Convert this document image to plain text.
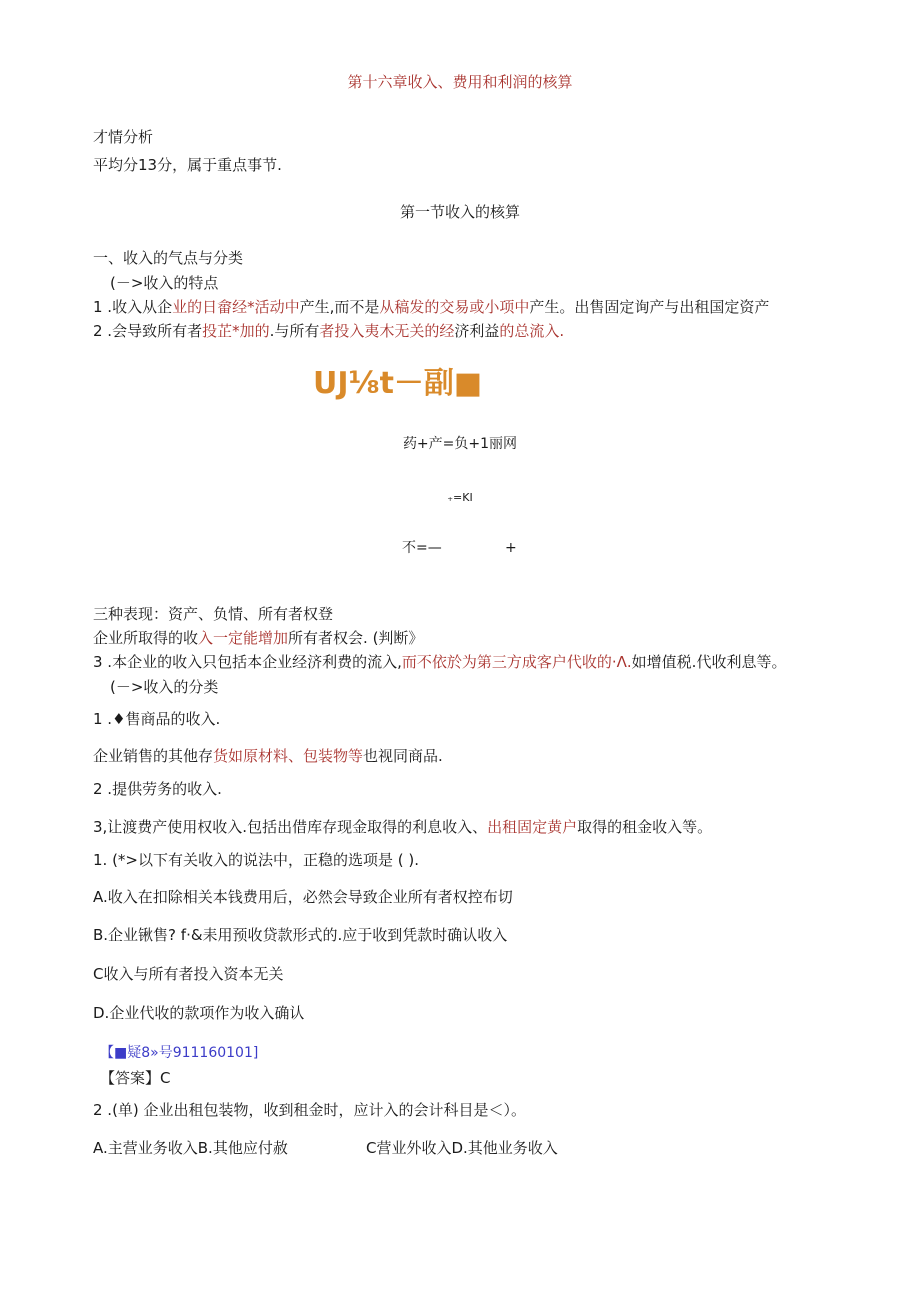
第十六章收入、费用和利润的核算
才情分析
平均分13分，属于重点事节.
第一节收入的核算
一、收入的气点与分类
(－>收入的特点
1 .收入从企业的日畲经*活动中产生,而不是从稿发的交易或小项中产生。出售固定询产与出租国定资产
2 .会导致所有者投芷*加的.与所有者投入夷木无关的经济利益的总流入.
UJ⅛t－副■
药+产=负+1丽网
₊=KI
不=—	+
三种表现：资产、负情、所有者权登
企业所取得的收入一定能增加所有者权会. (判断》
3 .本企业的收入只包括本企业经济利费的流入,而不依於为第三方成客户代收的·Λ.如增值税.代收利息等。
(－>收入的分类
1 .♦售商品的收入.
企业销售的其他存货如原材料、包装物等也视同商品.
2 .提供劳务的收入.
3,让渡费产使用权收入.包括出借库存现金取得的利息收入、出租固定黄户取得的租金收入等。
1. (*>以下有关收入的说法中，正稳的选项是 ( ).
A.收入在扣除相关本钱费用后，必然会导致企业所有者权控布切
B.企业锹售? f·&耒用预收贷款形式的.应于收到凭款时确认收入
C收入与所有者投入资本无关
D.企业代收的款项作为收入确认
【■疑8»号911160101]
【答案】C
2 .(单) 企业出租包装物，收到租金时，应计入的会计科目是＜）。
A.主营业务收入B.其他应付赦	C营业外收入D.其他业务收入
